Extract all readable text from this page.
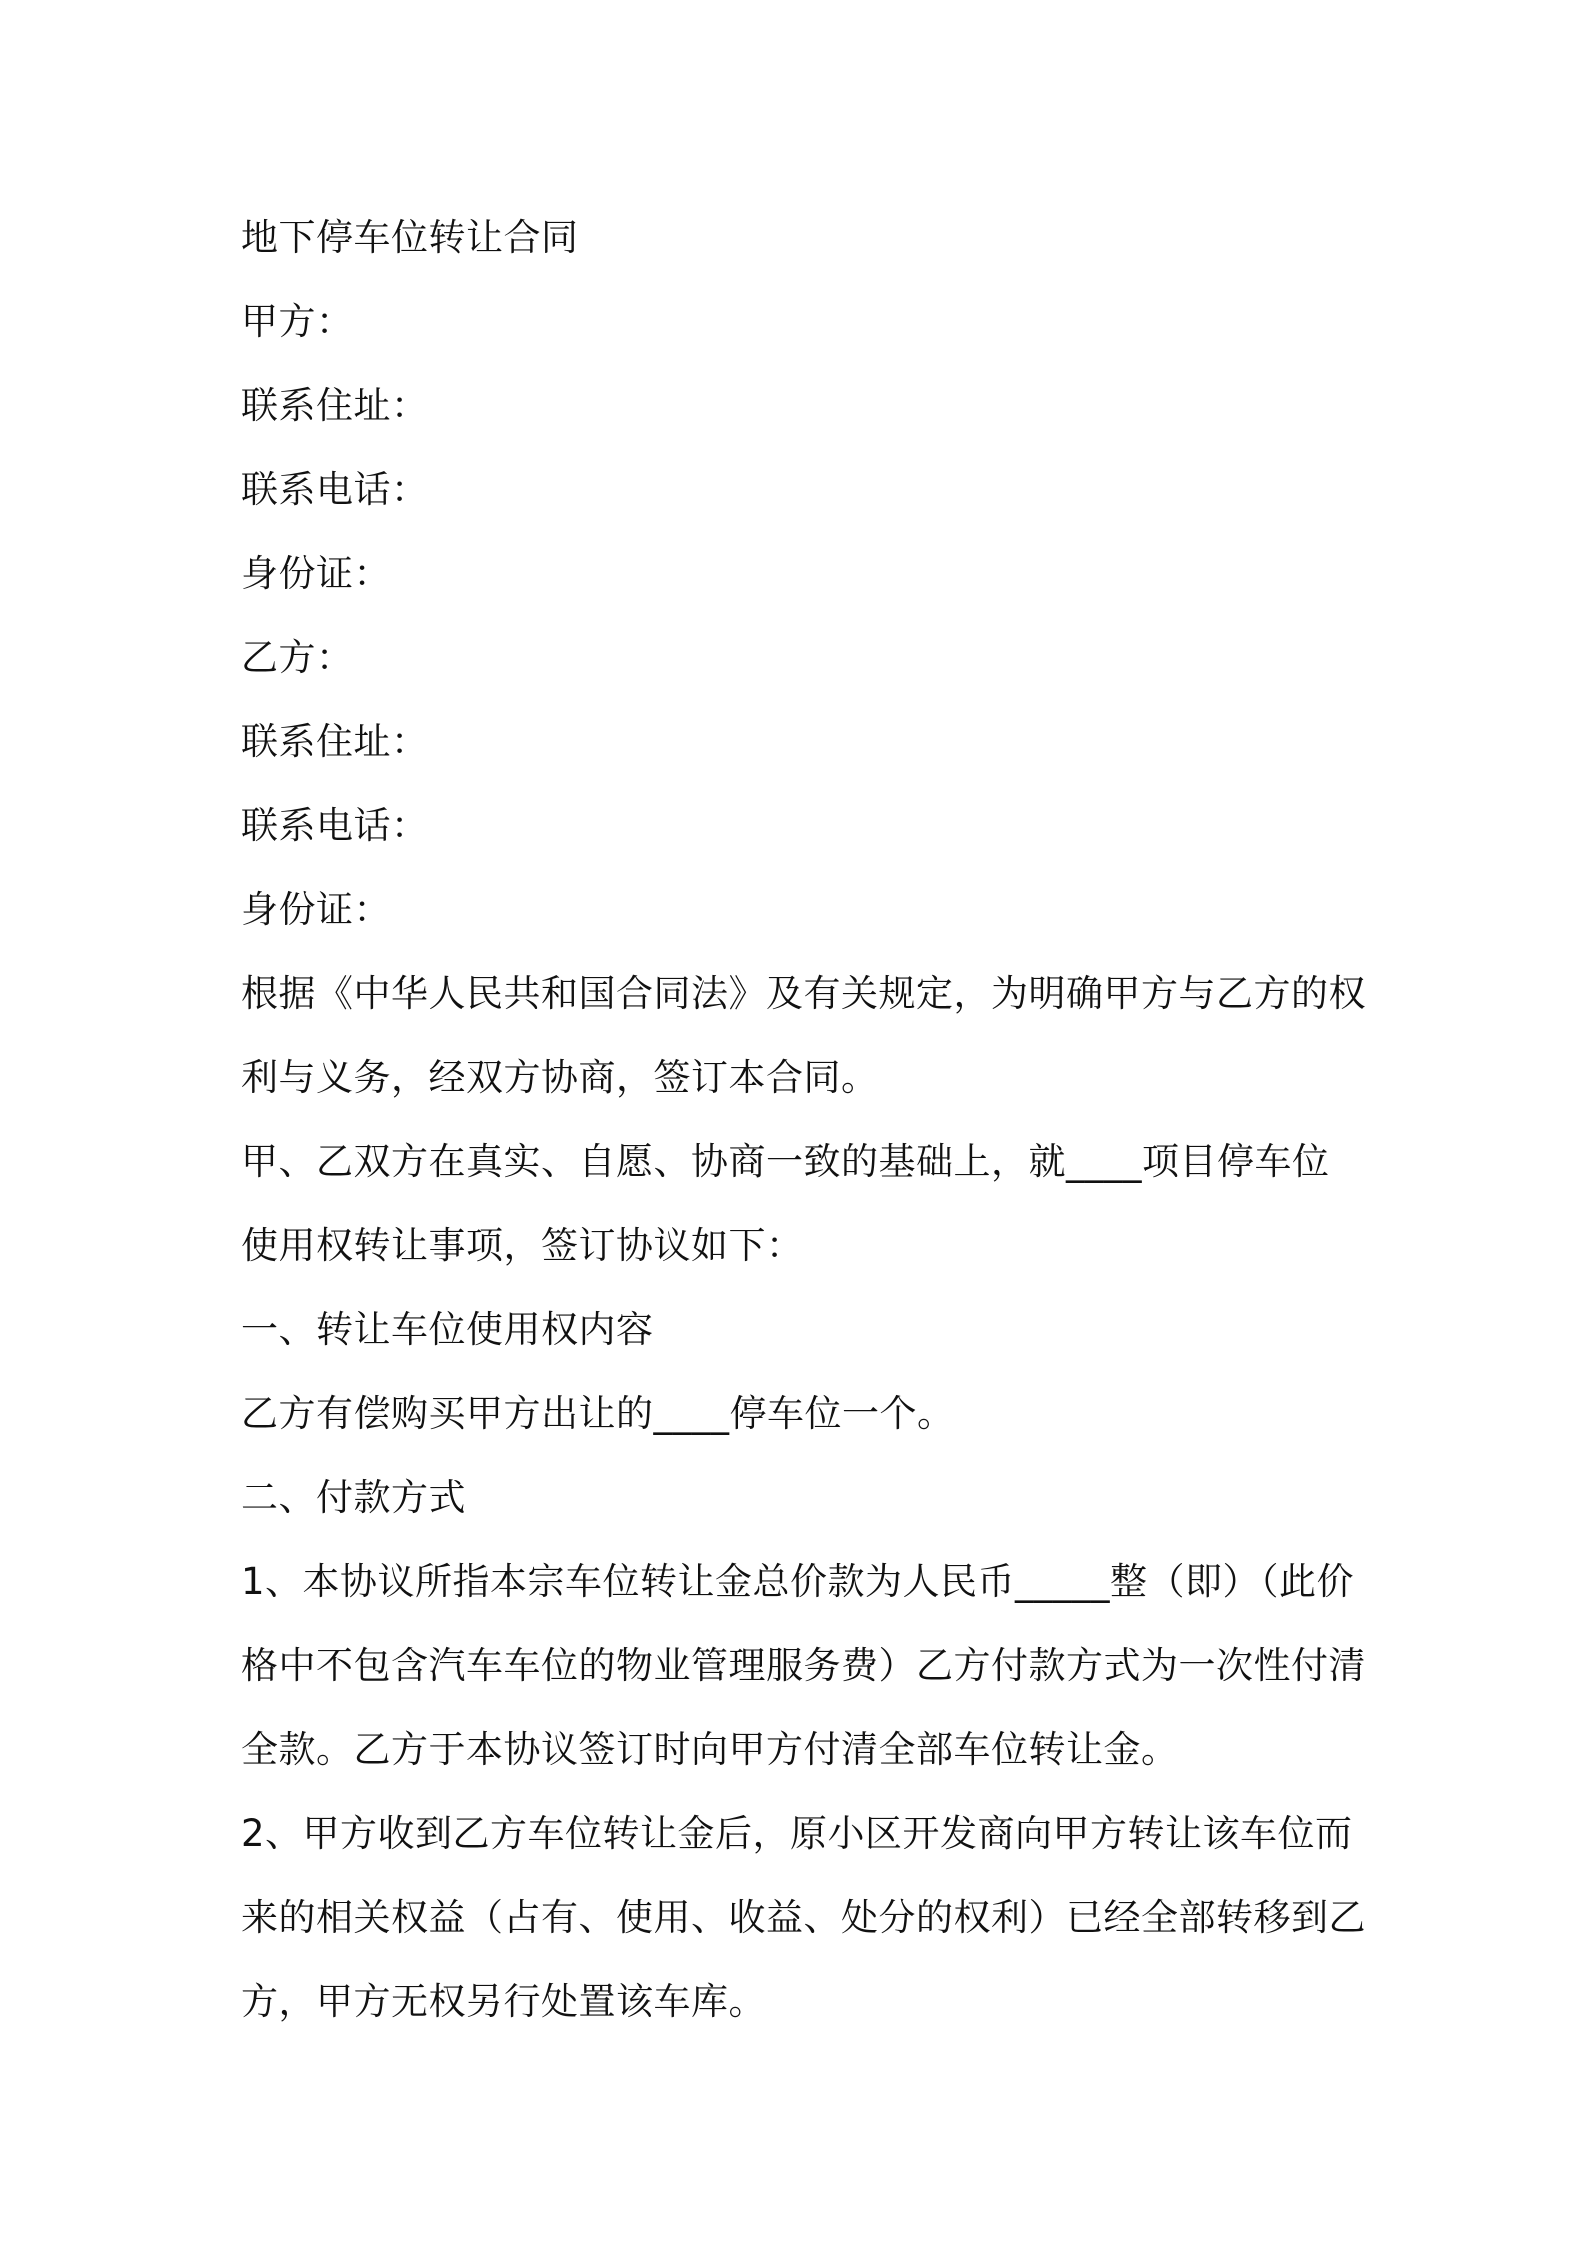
地下停车位转让合同
甲方：
联系住址：
联系电话：
身份证：
乙方：
联系住址：
联系电话：
身份证：
根据《中华人民共和国合同法》及有关规定，为明确甲方与乙方的权
利与义务，经双方协商，签订本合同。
甲、乙双方在真实、自愿、协商一致的基础上，就____项目停车位
使用权转让事项，签订协议如下：
一、转让车位使用权内容
乙方有偿购买甲方出让的____停车位一个。
二、付款方式
1、本协议所指本宗车位转让金总价款为人民币_____整（即）（此价
格中不包含汽车车位的物业管理服务费）乙方付款方式为一次性付清
全款。乙方于本协议签订时向甲方付清全部车位转让金。
2、甲方收到乙方车位转让金后，原小区开发商向甲方转让该车位而
来的相关权益（占有、使用、收益、处分的权利）已经全部转移到乙
方，甲方无权另行处置该车库。
